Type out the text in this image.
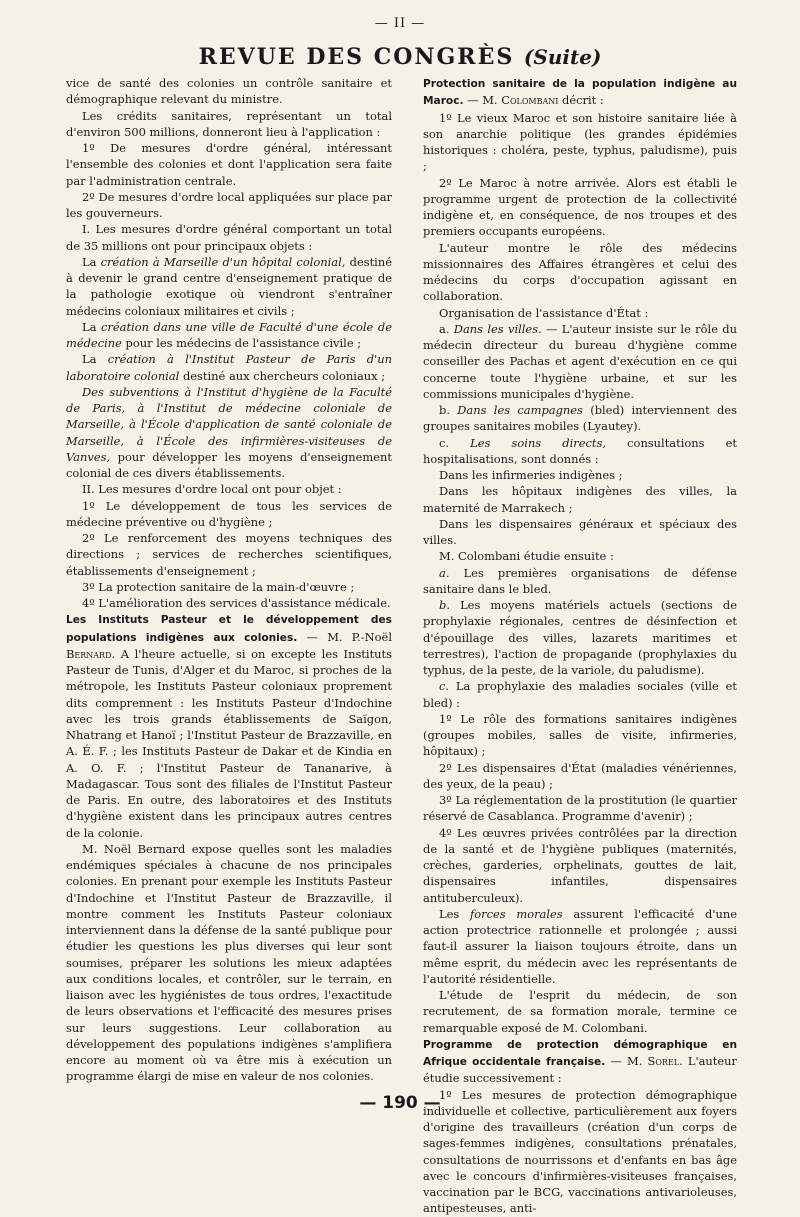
— II —
REVUE DES CONGRÈS (Suite)

vice de santé des colonies un contrôle sanitaire et démographique relevant du ministre.

Les crédits sanitaires, représentant un total d'environ 500 millions, donneront lieu à l'application :

1º De mesures d'ordre général, intéressant l'ensemble des colonies et dont l'application sera faite par l'administration centrale.

2º De mesures d'ordre local appliquées sur place par les gouverneurs.

I. Les mesures d'ordre général comportant un total de 35 millions ont pour principaux objets :

La création à Marseille d'un hôpital colonial, destiné à devenir le grand centre d'enseignement pratique de la pathologie exotique où viendront s'entraîner médecins coloniaux militaires et civils ;

La création dans une ville de Faculté d'une école de médecine pour les médecins de l'assistance civile ;

La création à l'Institut Pasteur de Paris d'un laboratoire colonial destiné aux chercheurs coloniaux ;

Des subventions à l'Institut d'hygiène de la Faculté de Paris, à l'Institut de médecine coloniale de Marseille, à l'École d'application de santé coloniale de Marseille, à l'École des infirmières-visiteuses de Vanves, pour développer les moyens d'enseignement colonial de ces divers établissements.

II. Les mesures d'ordre local ont pour objet :

1º Le développement de tous les services de médecine préventive ou d'hygiène ;

2º Le renforcement des moyens techniques des directions ; services de recherches scientifiques, établissements d'enseignement ;

3º La protection sanitaire de la main-d'œuvre ;

4º L'amélioration des services d'assistance médicale.

Les Instituts Pasteur et le développement des populations indigènes aux colonies. — M. P.-Noël Bernard. A l'heure actuelle, si on excepte les Instituts Pasteur de Tunis, d'Alger et du Maroc, si proches de la métropole, les Instituts Pasteur coloniaux proprement dits comprennent : les Instituts Pasteur d'Indochine avec les trois grands établissements de Saïgon, Nhatrang et Hanoï ; l'Institut Pasteur de Brazzaville, en A. É. F. ; les Instituts Pasteur de Dakar et de Kindia en A. O. F. ; l'Institut Pasteur de Tananarive, à Madagascar. Tous sont des filiales de l'Institut Pasteur de Paris. En outre, des laboratoires et des Instituts d'hygiène existent dans les principaux autres centres de la colonie.

M. Noël Bernard expose quelles sont les maladies endémiques spéciales à chacune de nos principales colonies. En prenant pour exemple les Instituts Pasteur d'Indochine et l'Institut Pasteur de Brazzaville, il montre comment les Instituts Pasteur coloniaux interviennent dans la défense de la santé publique pour étudier les questions les plus diverses qui leur sont soumises, préparer les solutions les mieux adaptées aux conditions locales, et contrôler, sur le terrain, en liaison avec les hygiénistes de tous ordres, l'exactitude de leurs observations et l'efficacité des mesures prises sur leurs suggestions. Leur collaboration au développement des populations indigènes s'amplifiera encore au moment où va être mis à exécution un programme élargi de mise en valeur de nos colonies.

Protection sanitaire de la population indigène au Maroc. — M. Colombani décrit :

1º Le vieux Maroc et son histoire sanitaire liée à son anarchie politique (les grandes épidémies historiques : choléra, peste, typhus, paludisme), puis ;

2º Le Maroc à notre arrivée. Alors est établi le programme urgent de protection de la collectivité indigène et, en conséquence, de nos troupes et des premiers occupants européens.

L'auteur montre le rôle des médecins missionnaires des Affaires étrangères et celui des médecins du corps d'occupation agissant en collaboration.

Organisation de l'assistance d'État :

a. Dans les villes. — L'auteur insiste sur le rôle du médecin directeur du bureau d'hygiène comme conseiller des Pachas et agent d'exécution en ce qui concerne toute l'hygiène urbaine, et sur les commissions municipales d'hygiène.

b. Dans les campagnes (bled) interviennent des groupes sanitaires mobiles (Lyautey).

c. Les soins directs, consultations et hospitalisations, sont donnés :

Dans les infirmeries indigènes ;

Dans les hôpitaux indigènes des villes, la maternité de Marrakech ;

Dans les dispensaires généraux et spéciaux des villes.

M. Colombani étudie ensuite :

a. Les premières organisations de défense sanitaire dans le bled.

b. Les moyens matériels actuels (sections de prophylaxie régionales, centres de désinfection et d'épouillage des villes, lazarets maritimes et terrestres), l'action de propagande (prophylaxies du typhus, de la peste, de la variole, du paludisme).

c. La prophylaxie des maladies sociales (ville et bled) :

1º Le rôle des formations sanitaires indigènes (groupes mobiles, salles de visite, infirmeries, hôpitaux) ;

2º Les dispensaires d'État (maladies vénériennes, des yeux, de la peau) ;

3º La réglementation de la prostitution (le quartier réservé de Casablanca. Programme d'avenir) ;

4º Les œuvres privées contrôlées par la direction de la santé et de l'hygiène publiques (maternités, crèches, garderies, orphelinats, gouttes de lait, dispensaires infantiles, dispensaires antituberculeux).

Les forces morales assurent l'efficacité d'une action protectrice rationnelle et prolongée ; aussi faut-il assurer la liaison toujours étroite, dans un même esprit, du médecin avec les représentants de l'autorité résidentielle.

L'étude de l'esprit du médecin, de son recrutement, de sa formation morale, termine ce remarquable exposé de M. Colombani.

Programme de protection démographique en Afrique occidentale française. — M. Sorel. L'auteur étudie successivement :

1º Les mesures de protection démographique individuelle et collective, particulièrement aux foyers d'origine des travailleurs (création d'un corps de sages-femmes indigènes, consultations prénatales, consultations de nourrissons et d'enfants en bas âge avec le concours d'infirmières-visiteuses françaises, vaccination par le BCG, vaccinations antivarioleuses, antipesteuses, anti-

— 190 —
